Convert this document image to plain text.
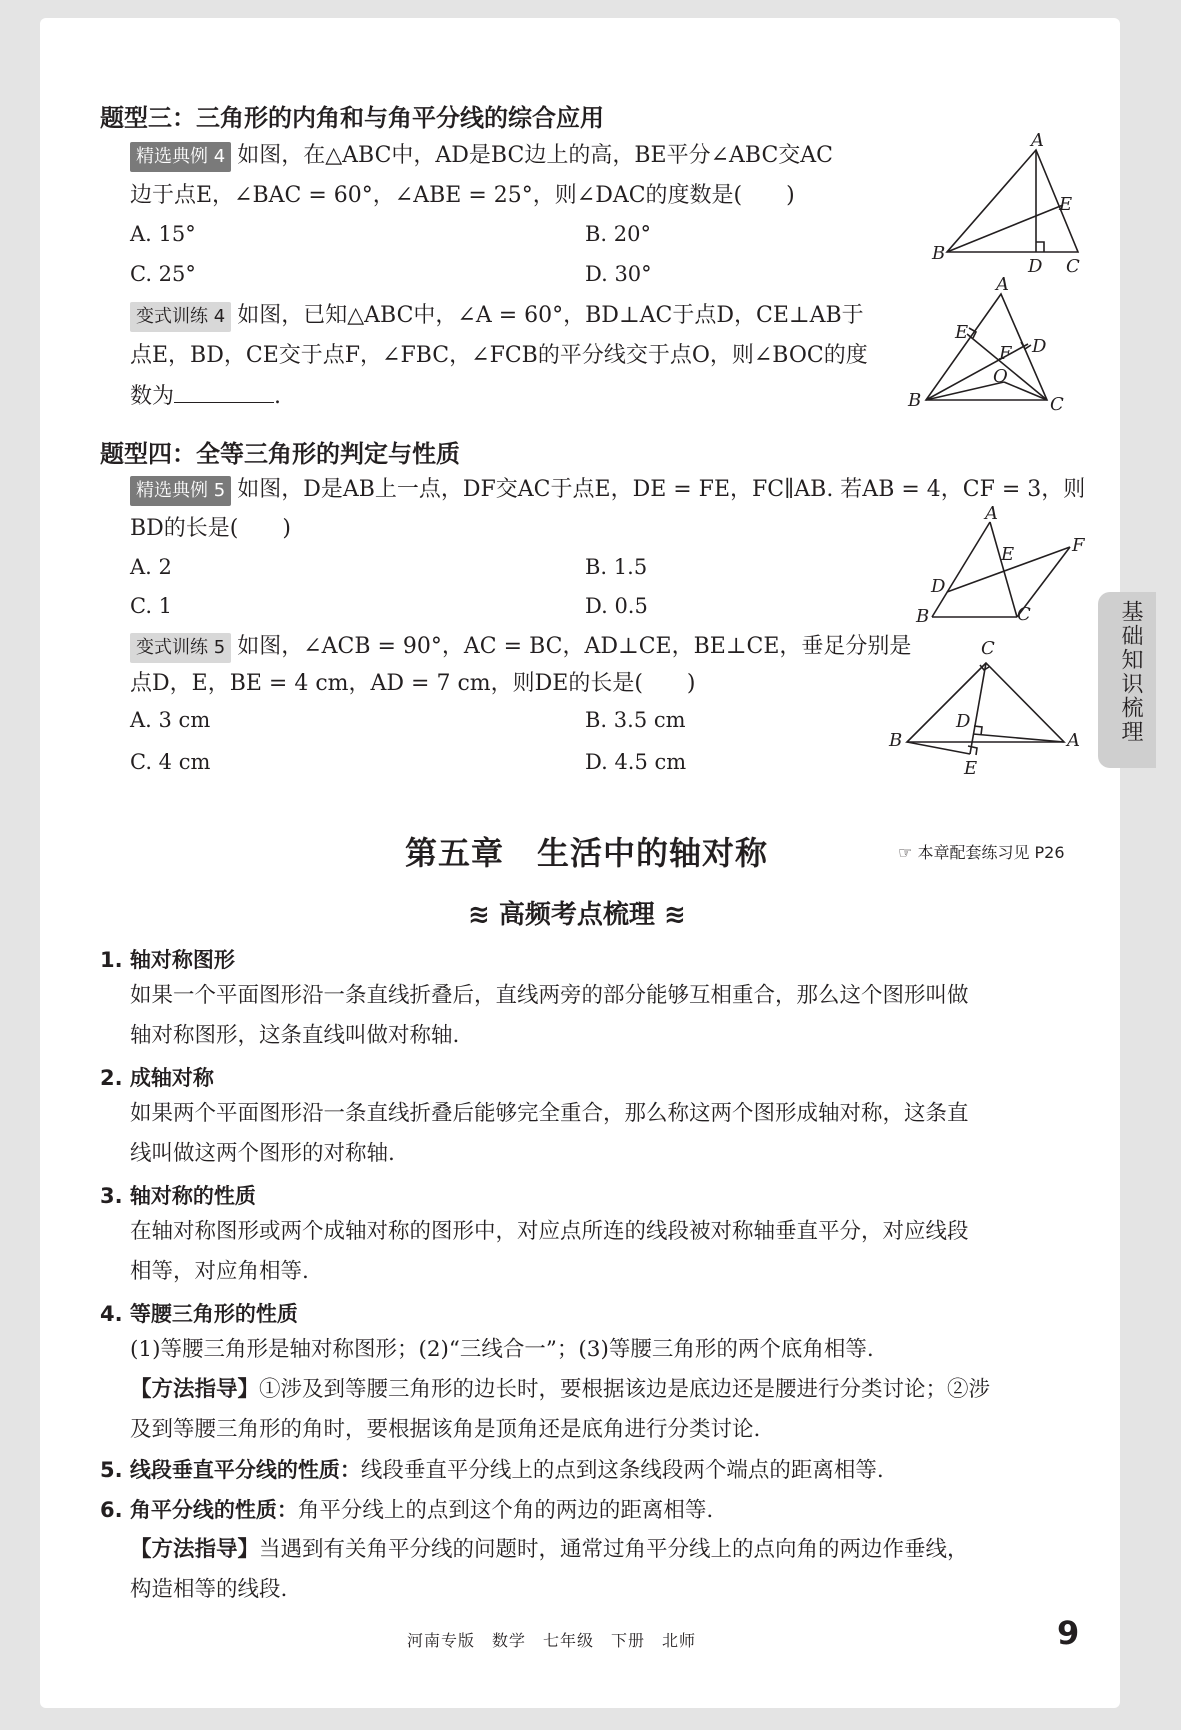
题型三：三角形的内角和与角平分线的综合应用
精选典例 4 如图，在△ABC中，AD是BC边上的高，BE平分∠ABC交AC
边于点E，∠BAC = 60°，∠ABE = 25°，则∠DAC的度数是(　　)
A. 15°	B. 20°
C. 25°	D. 30°
变式训练 4 如图，已知△ABC中，∠A = 60°，BD⊥AC于点D，CE⊥AB于
点E，BD，CE交于点F，∠FBC，∠FCB的平分线交于点O，则∠BOC的度
数为	.
题型四：全等三角形的判定与性质
精选典例 5 如图，D是AB上一点，DF交AC于点E，DE = FE，FC∥AB. 若AB = 4，CF = 3，则
BD的长是(　　)
A. 2	B. 1.5
C. 1	D. 0.5
变式训练 5 如图，∠ACB = 90°，AC = BC，AD⊥CE，BE⊥CE，垂足分别是
点D，E，BE = 4 cm，AD = 7 cm，则DE的长是(　　)
A. 3 cm	B. 3.5 cm
C. 4 cm	D. 4.5 cm
A
E
B
D C
A
E
F D
O
B	C
A
E	F
D
B	C
C
D
B	A
E
基础知识梳理
第五章　生活中的轴对称	☞ 本章配套练习见 P26
≋ 高频考点梳理 ≋
1. 轴对称图形
如果一个平面图形沿一条直线折叠后，直线两旁的部分能够互相重合，那么这个图形叫做
轴对称图形，这条直线叫做对称轴.
2. 成轴对称
如果两个平面图形沿一条直线折叠后能够完全重合，那么称这两个图形成轴对称，这条直
线叫做这两个图形的对称轴.
3. 轴对称的性质
在轴对称图形或两个成轴对称的图形中，对应点所连的线段被对称轴垂直平分，对应线段
相等，对应角相等.
4. 等腰三角形的性质
(1)等腰三角形是轴对称图形；(2)“三线合一”；(3)等腰三角形的两个底角相等.
【方法指导】①涉及到等腰三角形的边长时，要根据该边是底边还是腰进行分类讨论；②涉
及到等腰三角形的角时，要根据该角是顶角还是底角进行分类讨论.
5. 线段垂直平分线的性质：线段垂直平分线上的点到这条线段两个端点的距离相等.
6. 角平分线的性质：角平分线上的点到这个角的两边的距离相等.
【方法指导】当遇到有关角平分线的问题时，通常过角平分线上的点向角的两边作垂线，
构造相等的线段.
河南专版　数学　七年级　下册　北师	9
